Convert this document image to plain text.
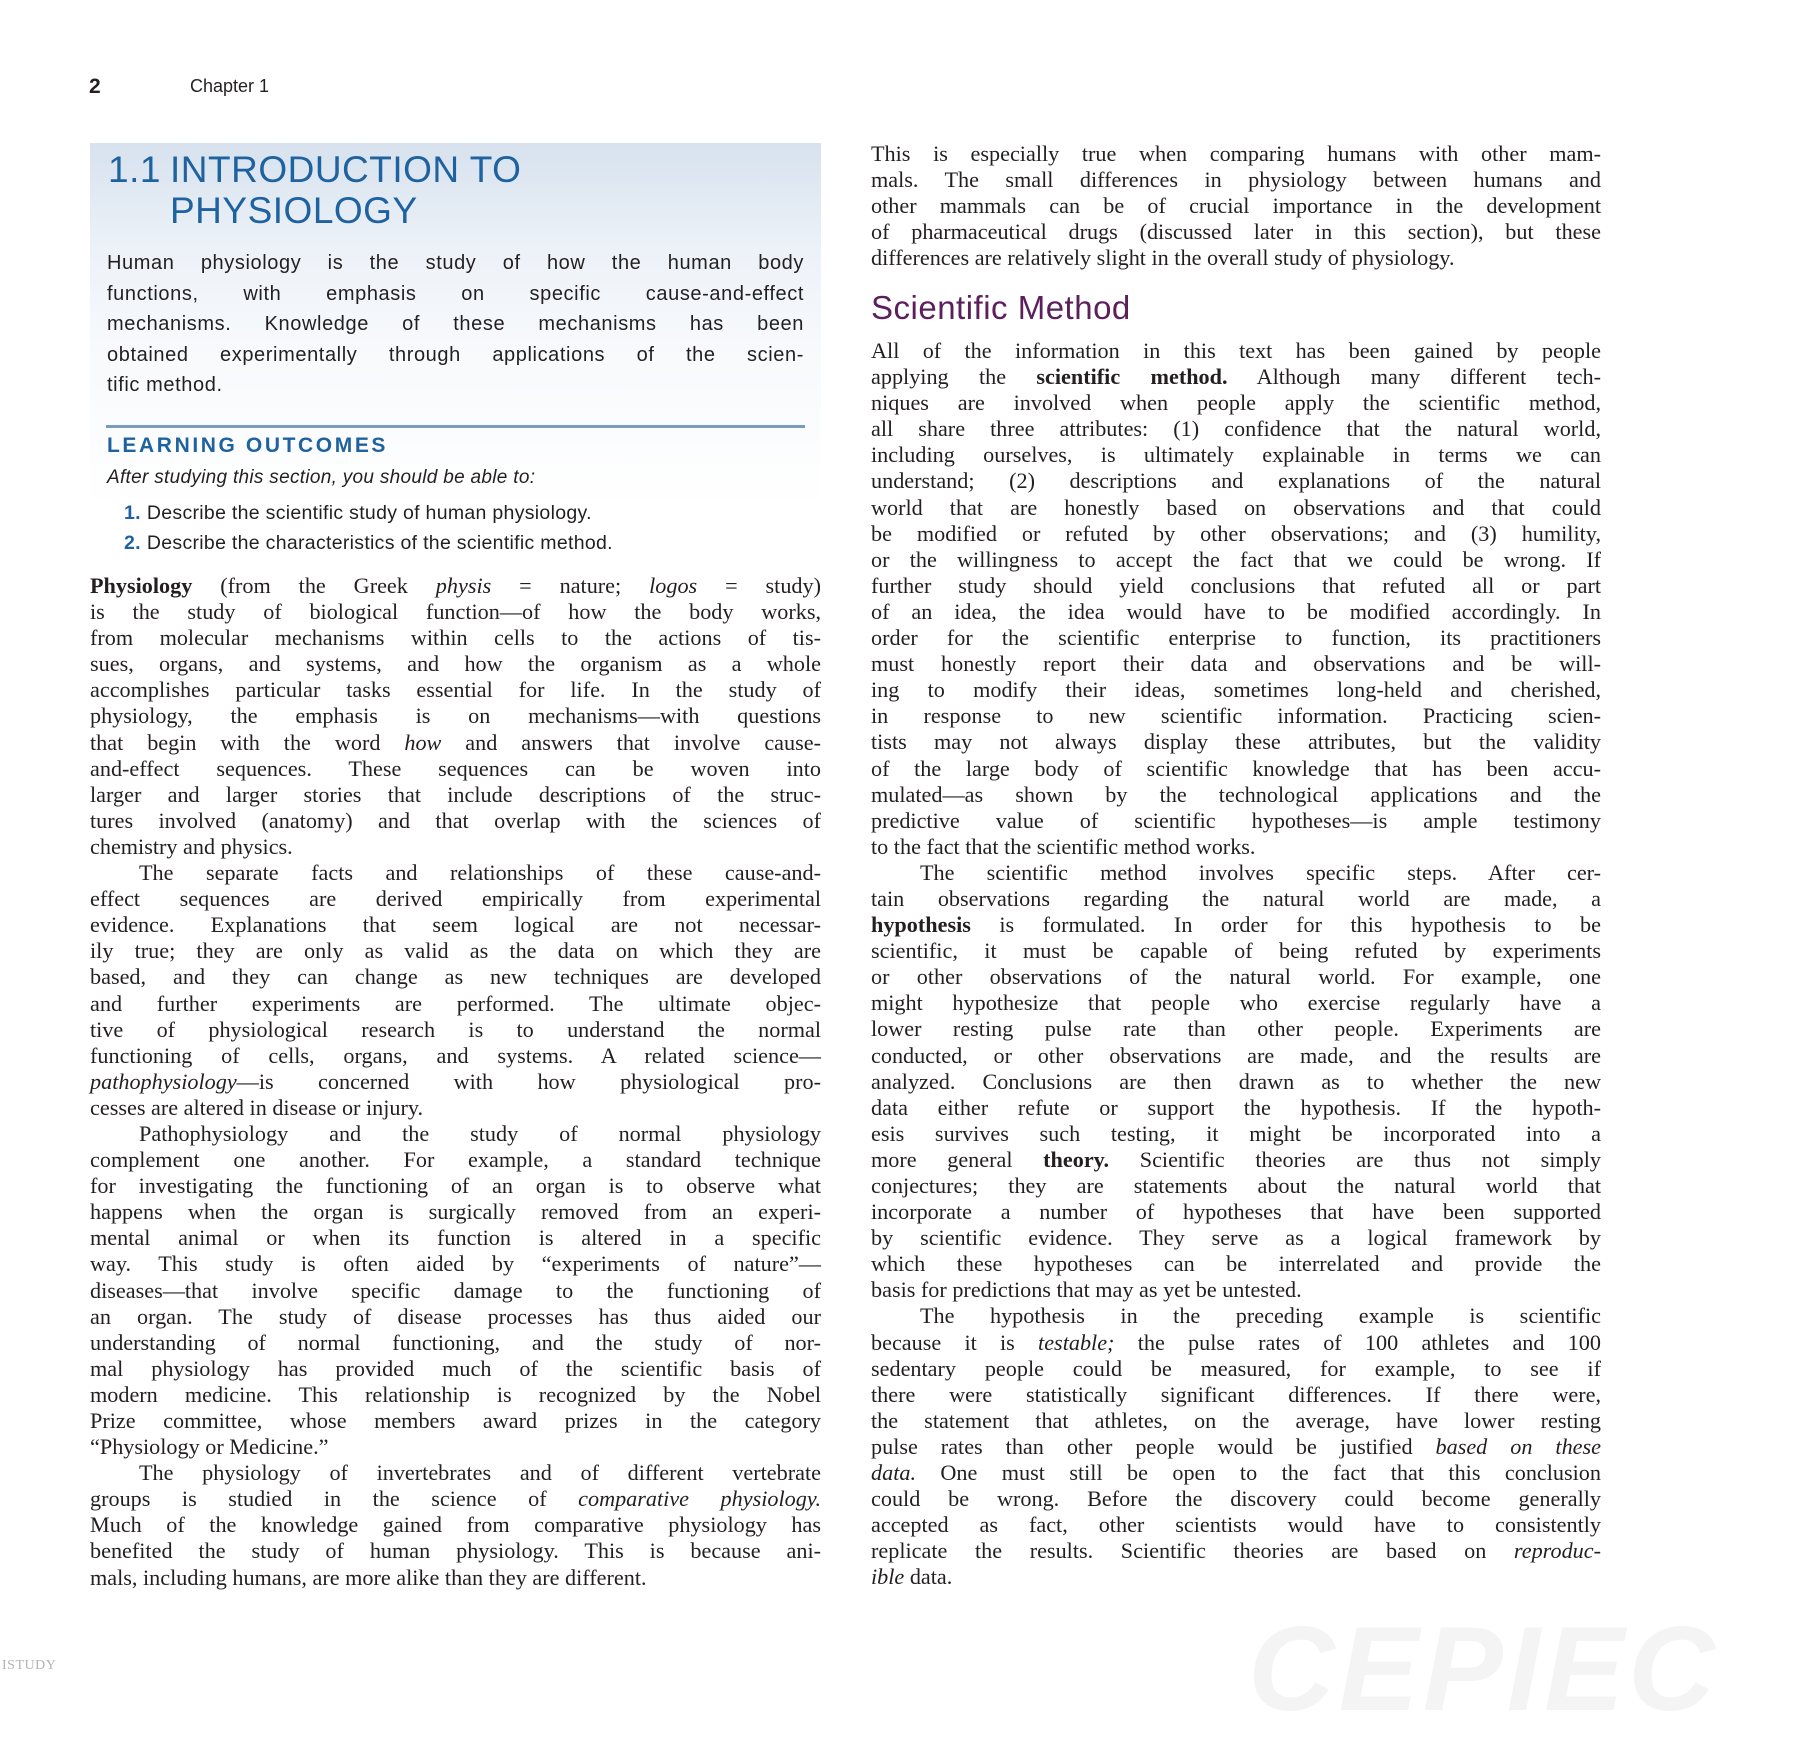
2	Chapter 1
1.1 INTRODUCTION TO
PHYSIOLOGY
Human physiology is the study of how the human body
functions, with emphasis on specific cause-and-effect
mechanisms. Knowledge of these mechanisms has been
obtained experimentally through applications of the scien-
tific method.
LEARNING OUTCOMES
After studying this section, you should be able to:
1. Describe the scientific study of human physiology.
2. Describe the characteristics of the scientific method.
Physiology (from the Greek physis = nature; logos = study)
is the study of biological function—of how the body works,
from molecular mechanisms within cells to the actions of tis-
sues, organs, and systems, and how the organism as a whole
accomplishes particular tasks essential for life. In the study of
physiology, the emphasis is on mechanisms—with questions
that begin with the word how and answers that involve cause-
and-effect sequences. These sequences can be woven into
larger and larger stories that include descriptions of the struc-
tures involved (anatomy) and that overlap with the sciences of
chemistry and physics.
The separate facts and relationships of these cause-and-
effect sequences are derived empirically from experimental
evidence. Explanations that seem logical are not necessar-
ily true; they are only as valid as the data on which they are
based, and they can change as new techniques are developed
and further experiments are performed. The ultimate objec-
tive of physiological research is to understand the normal
functioning of cells, organs, and systems. A related science—
pathophysiology—is concerned with how physiological pro-
cesses are altered in disease or injury.
Pathophysiology and the study of normal physiology
complement one another. For example, a standard technique
for investigating the functioning of an organ is to observe what
happens when the organ is surgically removed from an experi-
mental animal or when its function is altered in a specific
way. This study is often aided by “experiments of nature”—
diseases—that involve specific damage to the functioning of
an organ. The study of disease processes has thus aided our
understanding of normal functioning, and the study of nor-
mal physiology has provided much of the scientific basis of
modern medicine. This relationship is recognized by the Nobel
Prize committee, whose members award prizes in the category
“Physiology or Medicine.”
The physiology of invertebrates and of different vertebrate
groups is studied in the science of comparative physiology.
Much of the knowledge gained from comparative physiology has
benefited the study of human physiology. This is because ani-
mals, including humans, are more alike than they are different.
This is especially true when comparing humans with other mam-
mals. The small differences in physiology between humans and
other mammals can be of crucial importance in the development
of pharmaceutical drugs (discussed later in this section), but these
differences are relatively slight in the overall study of physiology.
Scientific Method
All of the information in this text has been gained by people
applying the scientific method. Although many different tech-
niques are involved when people apply the scientific method,
all share three attributes: (1) confidence that the natural world,
including ourselves, is ultimately explainable in terms we can
understand; (2) descriptions and explanations of the natural
world that are honestly based on observations and that could
be modified or refuted by other observations; and (3) humility,
or the willingness to accept the fact that we could be wrong. If
further study should yield conclusions that refuted all or part
of an idea, the idea would have to be modified accordingly. In
order for the scientific enterprise to function, its practitioners
must honestly report their data and observations and be will-
ing to modify their ideas, sometimes long-held and cherished,
in response to new scientific information. Practicing scien-
tists may not always display these attributes, but the validity
of the large body of scientific knowledge that has been accu-
mulated—as shown by the technological applications and the
predictive value of scientific hypotheses—is ample testimony
to the fact that the scientific method works.
The scientific method involves specific steps. After cer-
tain observations regarding the natural world are made, a
hypothesis is formulated. In order for this hypothesis to be
scientific, it must be capable of being refuted by experiments
or other observations of the natural world. For example, one
might hypothesize that people who exercise regularly have a
lower resting pulse rate than other people. Experiments are
conducted, or other observations are made, and the results are
analyzed. Conclusions are then drawn as to whether the new
data either refute or support the hypothesis. If the hypoth-
esis survives such testing, it might be incorporated into a
more general theory. Scientific theories are thus not simply
conjectures; they are statements about the natural world that
incorporate a number of hypotheses that have been supported
by scientific evidence. They serve as a logical framework by
which these hypotheses can be interrelated and provide the
basis for predictions that may as yet be untested.
The hypothesis in the preceding example is scientific
because it is testable; the pulse rates of 100 athletes and 100
sedentary people could be measured, for example, to see if
there were statistically significant differences. If there were,
the statement that athletes, on the average, have lower resting
pulse rates than other people would be justified based on these
data. One must still be open to the fact that this conclusion
could be wrong. Before the discovery could become generally
accepted as fact, other scientists would have to consistently
replicate the results. Scientific theories are based on reproduc-
ible data.
ISTUDY	CEPIEC
